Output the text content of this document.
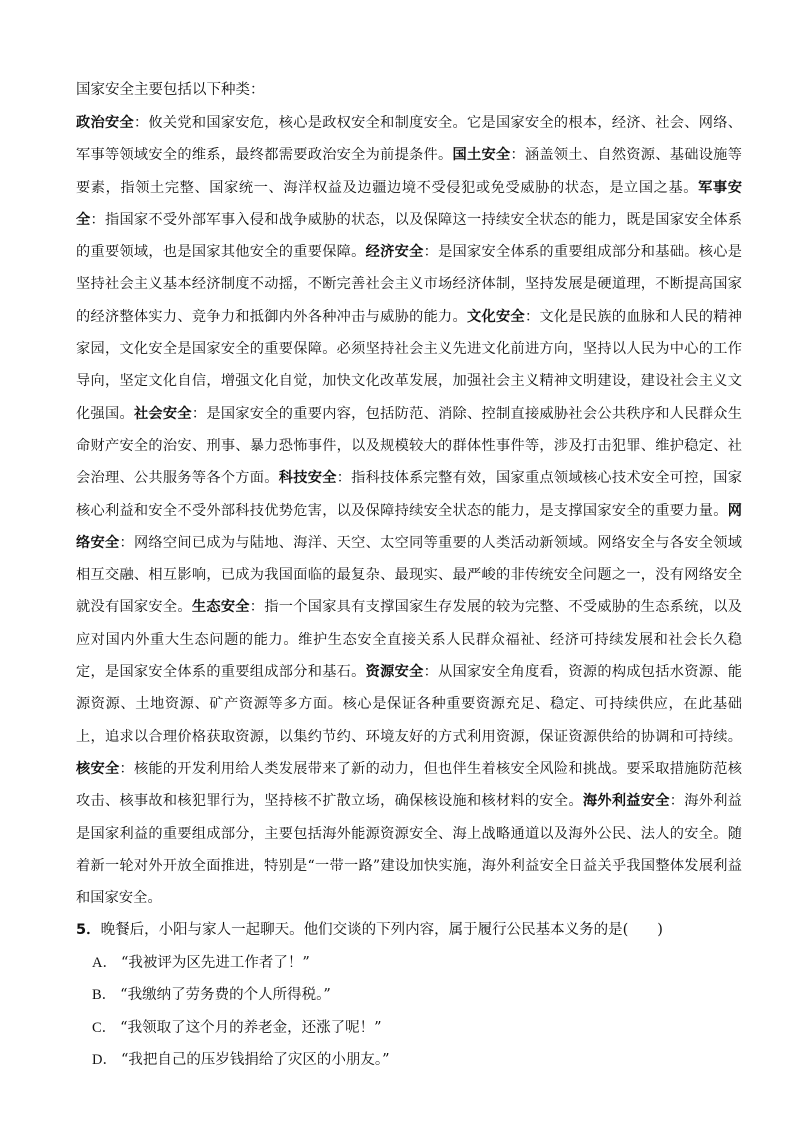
国家安全主要包括以下种类：

政治安全：攸关党和国家安危，核心是政权安全和制度安全。它是国家安全的根本，经济、社会、网络、军事等领域安全的维系，最终都需要政治安全为前提条件。国土安全：涵盖领土、自然资源、基础设施等要素，指领土完整、国家统一、海洋权益及边疆边境不受侵犯或免受威胁的状态，是立国之基。军事安全：指国家不受外部军事入侵和战争威胁的状态，以及保障这一持续安全状态的能力，既是国家安全体系的重要领域，也是国家其他安全的重要保障。经济安全：是国家安全体系的重要组成部分和基础。核心是坚持社会主义基本经济制度不动摇，不断完善社会主义市场经济体制，坚持发展是硬道理，不断提高国家的经济整体实力、竞争力和抵御内外各种冲击与威胁的能力。文化安全：文化是民族的血脉和人民的精神家园，文化安全是国家安全的重要保障。必须坚持社会主义先进文化前进方向，坚持以人民为中心的工作导向，坚定文化自信，增强文化自觉，加快文化改革发展，加强社会主义精神文明建设，建设社会主义文化强国。社会安全：是国家安全的重要内容，包括防范、消除、控制直接威胁社会公共秩序和人民群众生命财产安全的治安、刑事、暴力恐怖事件，以及规模较大的群体性事件等，涉及打击犯罪、维护稳定、社会治理、公共服务等各个方面。科技安全：指科技体系完整有效，国家重点领域核心技术安全可控，国家核心利益和安全不受外部科技优势危害，以及保障持续安全状态的能力，是支撑国家安全的重要力量。网络安全：网络空间已成为与陆地、海洋、天空、太空同等重要的人类活动新领域。网络安全与各安全领域相互交融、相互影响，已成为我国面临的最复杂、最现实、最严峻的非传统安全问题之一，没有网络安全就没有国家安全。生态安全：指一个国家具有支撑国家生存发展的较为完整、不受威胁的生态系统，以及应对国内外重大生态问题的能力。维护生态安全直接关系人民群众福祉、经济可持续发展和社会长久稳定，是国家安全体系的重要组成部分和基石。资源安全：从国家安全角度看，资源的构成包括水资源、能源资源、土地资源、矿产资源等多方面。核心是保证各种重要资源充足、稳定、可持续供应，在此基础上，追求以合理价格获取资源，以集约节约、环境友好的方式利用资源，保证资源供给的协调和可持续。核安全：核能的开发利用给人类发展带来了新的动力，但也伴生着核安全风险和挑战。要采取措施防范核攻击、核事故和核犯罪行为，坚持核不扩散立场，确保核设施和核材料的安全。海外利益安全：海外利益是国家利益的重要组成部分，主要包括海外能源资源安全、海上战略通道以及海外公民、法人的安全。随着新一轮对外开放全面推进，特别是“一带一路”建设加快实施，海外利益安全日益关乎我国整体发展利益和国家安全。

5．晚餐后，小阳与家人一起聊天。他们交谈的下列内容，属于履行公民基本义务的是(　　)

A． “我被评为区先进工作者了！”
B． “我缴纳了劳务费的个人所得税。”
C． “我领取了这个月的养老金，还涨了呢！”
D． “我把自己的压岁钱捐给了灾区的小朋友。”
